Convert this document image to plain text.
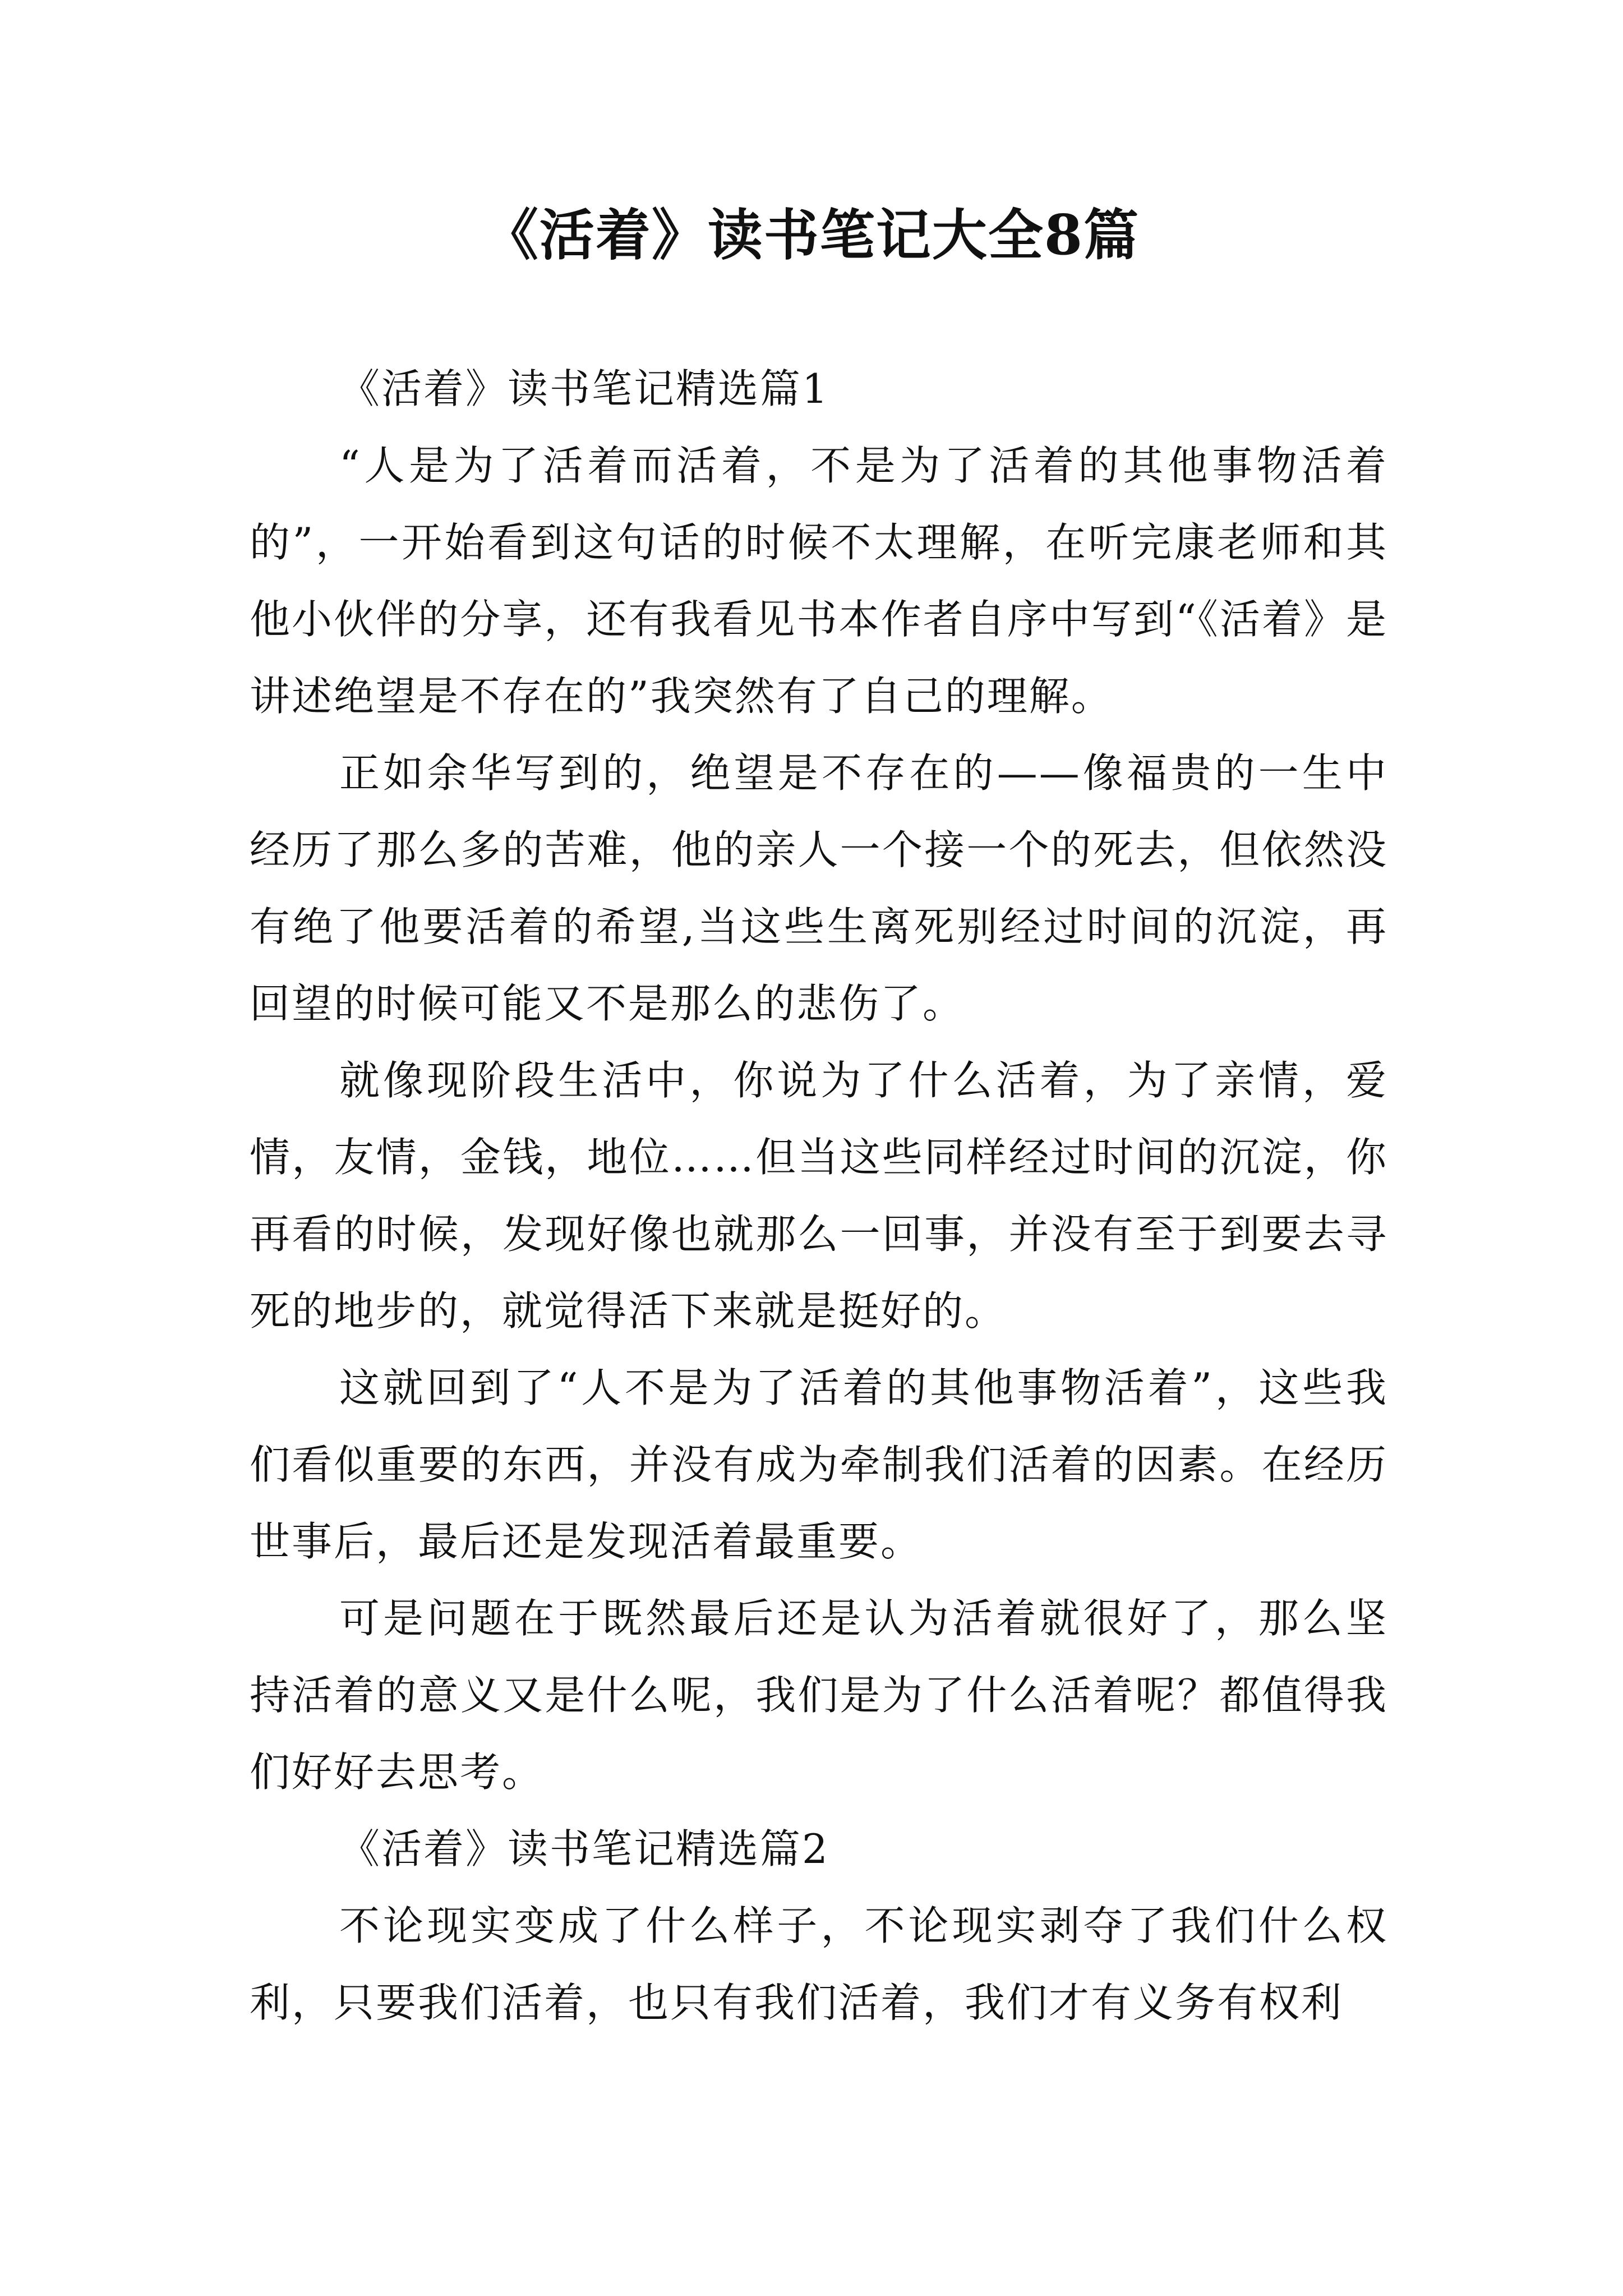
《活着》读书笔记大全8篇

《活着》读书笔记精选篇1

“人是为了活着而活着，不是为了活着的其他事物活着的”，一开始看到这句话的时候不太理解，在听完康老师和其他小伙伴的分享，还有我看见书本作者自序中写到“《活着》是讲述绝望是不存在的”我突然有了自己的理解。

正如余华写到的，绝望是不存在的——像福贵的一生中经历了那么多的苦难，他的亲人一个接一个的死去，但依然没有绝了他要活着的希望,当这些生离死别经过时间的沉淀，再回望的时候可能又不是那么的悲伤了。

就像现阶段生活中，你说为了什么活着，为了亲情，爱情，友情，金钱，地位……但当这些同样经过时间的沉淀，你再看的时候，发现好像也就那么一回事，并没有至于到要去寻死的地步的，就觉得活下来就是挺好的。

这就回到了“人不是为了活着的其他事物活着”，这些我们看似重要的东西，并没有成为牵制我们活着的因素。在经历世事后，最后还是发现活着最重要。

可是问题在于既然最后还是认为活着就很好了，那么坚持活着的意义又是什么呢，我们是为了什么活着呢？都值得我们好好去思考。

《活着》读书笔记精选篇2

不论现实变成了什么样子，不论现实剥夺了我们什么权利，只要我们活着，也只有我们活着，我们才有义务有权利
